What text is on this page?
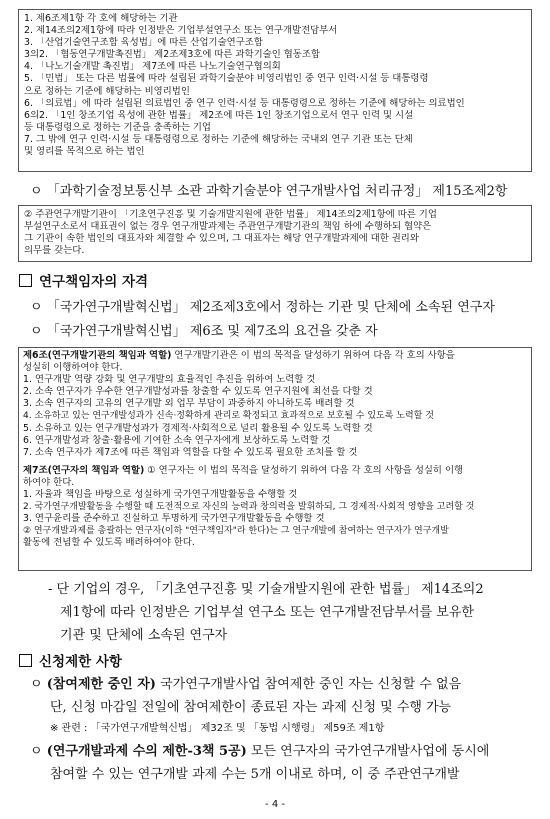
1. 제6조제1항 각 호에 해당하는 기관
2. 제14조의2제1항에 따라 인정받은 기업부설연구소 또는 연구개발전담부서
3. 「산업기술연구조합 육성법」에 따른 산업기술연구조합
3의2. 「협동연구개발촉진법」 제2조제3호에 따른 과학기술인 협동조합
4. 「나노기술개발 촉진법」 제7조에 따른 나노기술연구협의회
5. 「민법」 또는 다른 법률에 따라 설립된 과학기술분야 비영리법인 중 연구 인력·시설 등 대통령령
으로 정하는 기준에 해당하는 비영리법인
6. 「의료법」에 따라 설립된 의료법인 중 연구 인력·시설 등 대통령령으로 정하는 기준에 해당하는 의료법인
6의2. 「1인 창조기업 육성에 관한 법률」 제2조에 따른 1인 창조기업으로서 연구 인력 및 시설
등 대통령령으로 정하는 기준을 충족하는 기업
7. 그 밖에 연구 인력·시설 등 대통령령으로 정하는 기준에 해당하는 국내외 연구 기관 또는 단체
및 영리를 목적으로 하는 법인
ㅇ 「과학기술정보통신부 소관 과학기술분야 연구개발사업 처리규정」 제15조제2항
② 주관연구개발기관이 「기초연구진흥 및 기술개발지원에 관한 법률」 제14조의2제1항에 따른 기업
부설연구소로서 대표권이 없는 경우 연구개발과제는 주관연구개발기관의 책임 하에 수행하되 협약은
그 기관이 속한 법인의 대표자와 체결할 수 있으며, 그 대표자는 해당 연구개발과제에 대한 권리와
의무를 갖는다.
연구책임자의 자격
ㅇ 「국가연구개발혁신법」 제2조제3호에서 정하는 기관 및 단체에 소속된 연구자
ㅇ 「국가연구개발혁신법」 제6조 및 제7조의 요건을 갖춘 자
제6조(연구개발기관의 책임과 역할) 연구개발기관은 이 법의 목적을 달성하기 위하여 다음 각 호의 사항을
성실히 이행하여야 한다.
1. 연구개발 역량 강화 및 연구개발의 효율적인 추진을 위하여 노력할 것
2. 소속 연구자가 우수한 연구개발성과를 창출할 수 있도록 연구지원에 최선을 다할 것
3. 소속 연구자의 고유의 연구개발 외 업무 부담이 과중하지 아니하도록 배려할 것
4. 소유하고 있는 연구개발성과가 신속·정확하게 관리로 확정되고 효과적으로 보호될 수 있도록 노력할 것
5. 소유하고 있는 연구개발성과가 경제적·사회적으로 널리 활용될 수 있도록 노력할 것
6. 연구개발성과 창출·활용에 기여한 소속 연구자에게 보상하도록 노력할 것
7. 소속 연구자가 제7조에 따른 책임과 역할을 다할 수 있도록 필요한 조치를 할 것
제7조(연구자의 책임과 역할) ① 연구자는 이 법의 목적을 달성하기 위하여 다음 각 호의 사항을 성실히 이행
하여야 한다.
1. 자율과 책임을 바탕으로 성실하게 국가연구개발활동을 수행할 것
2. 국가연구개발활동을 수행할 때 도전적으로 자신의 능력과 창의력을 발휘하되, 그 경제적·사회적 영향을 고려할 것
3. 연구윤리를 준수하고 진실하고 투명하게 국가연구개발활동을 수행할 것
② 연구개발과제를 총괄하는 연구자(이하 "연구책임자"라 한다)는 그 연구개발에 참여하는 연구자가 연구개발
활동에 전념할 수 있도록 배려하여야 한다.
- 단 기업의 경우, 「기초연구진흥 및 기술개발지원에 관한 법률」 제14조의2
제1항에 따라 인정받은 기업부설 연구소 또는 연구개발전담부서를 보유한
기관 및 단체에 소속된 연구자
신청제한 사항
ㅇ (참여제한 중인 자) 국가연구개발사업 참여제한 중인 자는 신청할 수 없음
단, 신청 마감일 전일에 참여제한이 종료된 자는 과제 신청 및 수행 가능
※ 관련 : 「국가연구개발혁신법」 제32조 및 「동법 시행령」 제59조 제1항
ㅇ (연구개발과제 수의 제한-3책 5공) 모든 연구자의 국가연구개발사업에 동시에
참여할 수 있는 연구개발 과제 수는 5개 이내로 하며, 이 중 주관연구개발
- 4 -
